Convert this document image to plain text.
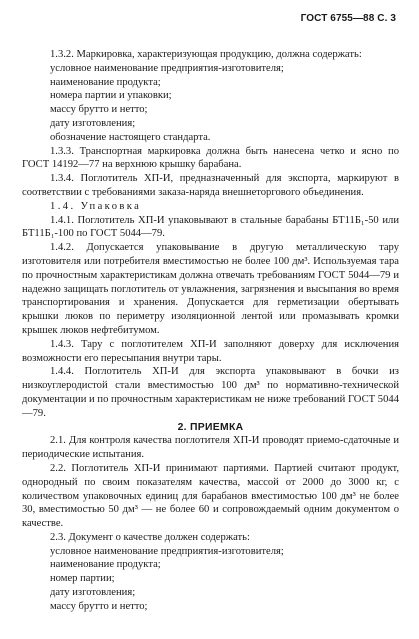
ГОСТ 6755—88 С. 3

1.3.2. Маркировка, характеризующая продукцию, должна содержать:

условное наименование предприятия-изготовителя;

наименование продукта;

номера партии и упаковки;

массу брутто и нетто;

дату изготовления;

обозначение настоящего стандарта.

1.3.3. Транспортная маркировка должна быть нанесена четко и ясно по ГОСТ 14192—77 на верхнюю крышку барабана.

1.3.4. Поглотитель ХП-И, предназначенный для экспорта, маркируют в соответствии с требованиями заказа-наряда внешнеторгового объединения.

1.4. Упаковка

1.4.1. Поглотитель ХП-И упаковывают в стальные барабаны БТ11Б₁-50 или БТ11Б₁-100 по ГОСТ 5044—79.

1.4.2. Допускается упаковывание в другую металлическую тару изготовителя или потребителя вместимостью не более 100 дм³. Используемая тара по прочностным характеристикам должна отвечать требованиям ГОСТ 5044—79 и надежно защищать поглотитель от увлажнения, загрязнения и высыпания во время транспортирования и хранения. Допускается для герметизации обертывать крышки люков по периметру изоляционной лентой или промазывать кромки крышек люков нефтебитумом.

1.4.3. Тару с поглотителем ХП-И заполняют доверху для исключения возможности его пересыпания внутри тары.

1.4.4. Поглотитель ХП-И для экспорта упаковывают в бочки из низкоуглеродистой стали вместимостью 100 дм³ по нормативно-технической документации и по прочностным характеристикам не ниже требований ГОСТ 5044—79.

2. ПРИЕМКА

2.1. Для контроля качества поглотителя ХП-И проводят приемо-сдаточные и периодические испытания.

2.2. Поглотитель ХП-И принимают партиями. Партией считают продукт, однородный по своим показателям качества, массой от 2000 до 3000 кг, с количеством упаковочных единиц для барабанов вместимостью 100 дм³ не более 30, вместимостью 50 дм³ — не более 60 и сопровождаемый одним документом о качестве.

2.3. Документ о качестве должен содержать:

условное наименование предприятия-изготовителя;

наименование продукта;

номер партии;

дату изготовления;

массу брутто и нетто;
